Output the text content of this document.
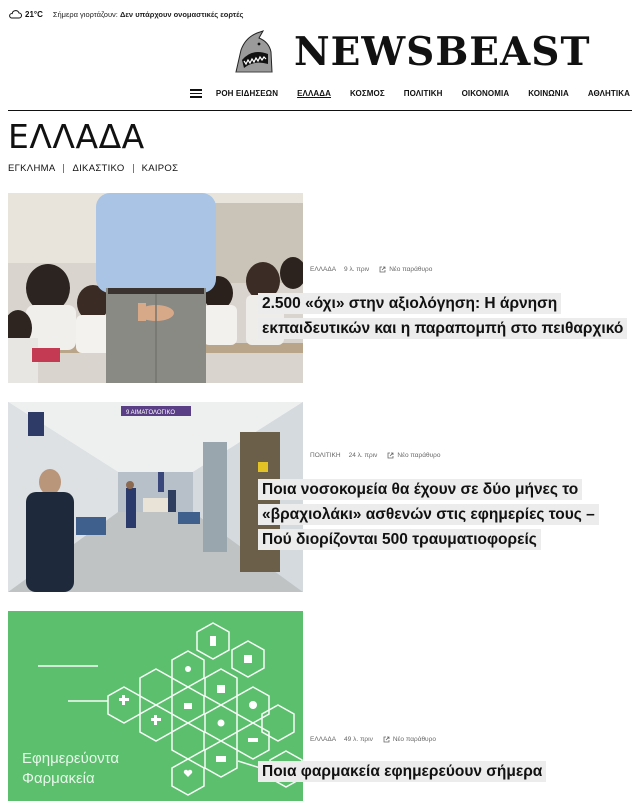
21°C Σήμερα γιορτάζουν: Δεν υπάρχουν ονομαστικές εορτές
NEWSBEAST
ΡΟΗ ΕΙΔΗΣΕΩΝ ΕΛΛΑΔΑ ΚΟΣΜΟΣ ΠΟΛΙΤΙΚΗ ΟΙΚΟΝΟΜΙΑ ΚΟΙΝΩΝΙΑ ΑΘΛΗΤΙΚΑ
ΕΛΛΑΔΑ
ΕΓΚΛΗΜΑ ΔΙΚΑΣΤΙΚΟ ΚΑΙΡΟΣ
ΕΛΛΑΔΑ 9 λ. πριν	Νέο παράθυρο
2.500 «όχι» στην αξιολόγηση: Η άρνηση εκπαιδευτικών και η παραπομπή στο πειθαρχικό
9 ΑΙΜΑΤΟΛΟΓΙΚΟ
ΠΟΛΙΤΙΚΗ 24 λ. πριν	Νέο παράθυρο
Ποια νοσοκομεία θα έχουν σε δύο μήνες το «βραχιολάκι» ασθενών στις εφημερίες τους – Πού διορίζονται 500 τραυματιοφορείς
Εφημερεύοντα
Φαρμακεία
ΕΛΛΑΔΑ 49 λ. πριν	Νέο παράθυρο
Ποια φαρμακεία εφημερεύουν σήμερα
